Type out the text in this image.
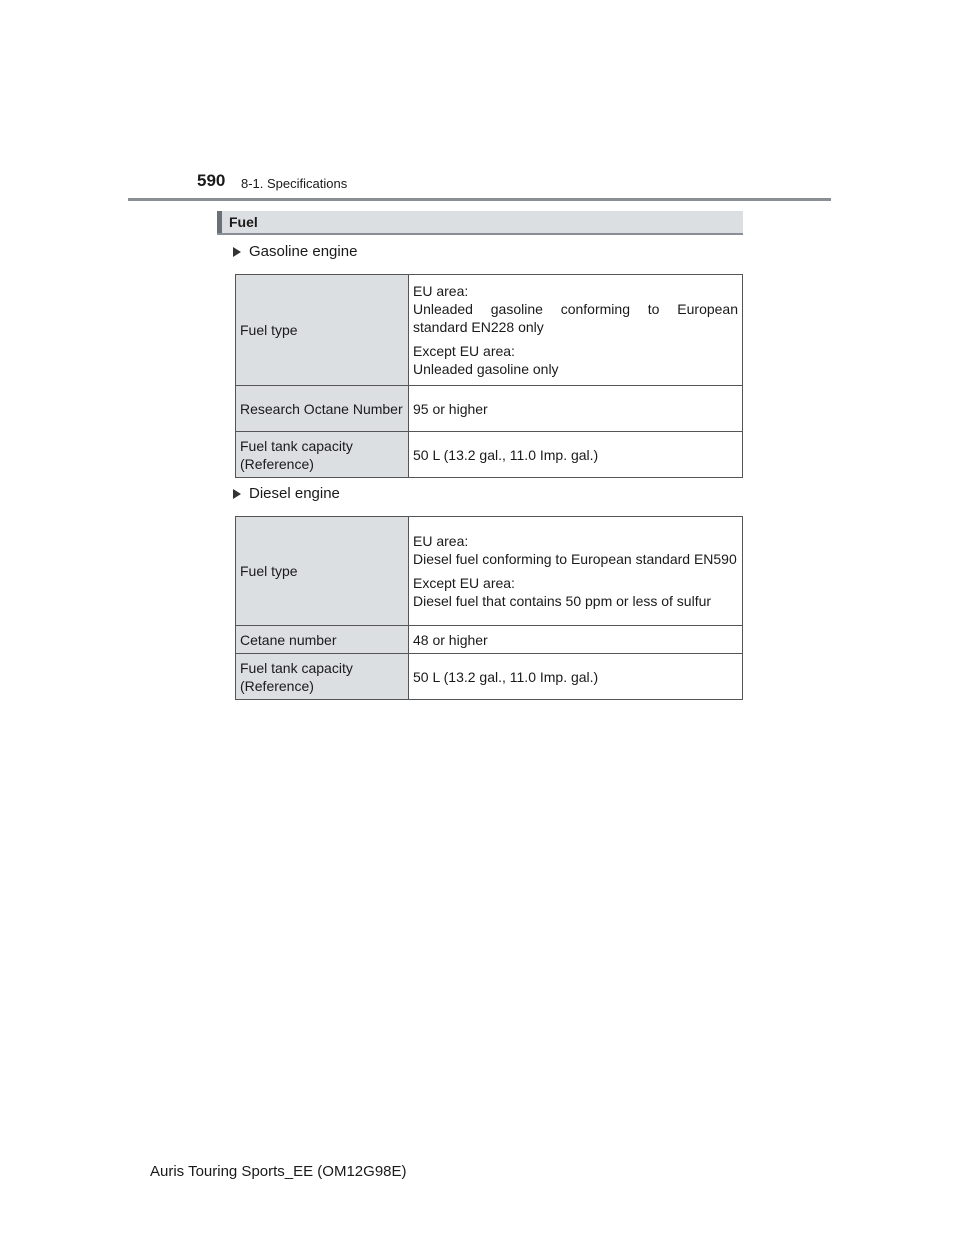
590 8-1. Specifications
Fuel
Gasoline engine
Fuel type	EU area:
Unleaded gasoline conforming to European standard EN228 only
Except EU area:
Unleaded gasoline only

Research Octane Number	95 or higher
Fuel tank capacity (Reference)	50 L (13.2 gal., 11.0 Imp. gal.)
Diesel engine
Fuel type	EU area:
Diesel fuel conforming to European standard EN590
Except EU area:
Diesel fuel that contains 50 ppm or less of sulfur

Cetane number	48 or higher
Fuel tank capacity (Reference)	50 L (13.2 gal., 11.0 Imp. gal.)
Auris Touring Sports_EE (OM12G98E)
